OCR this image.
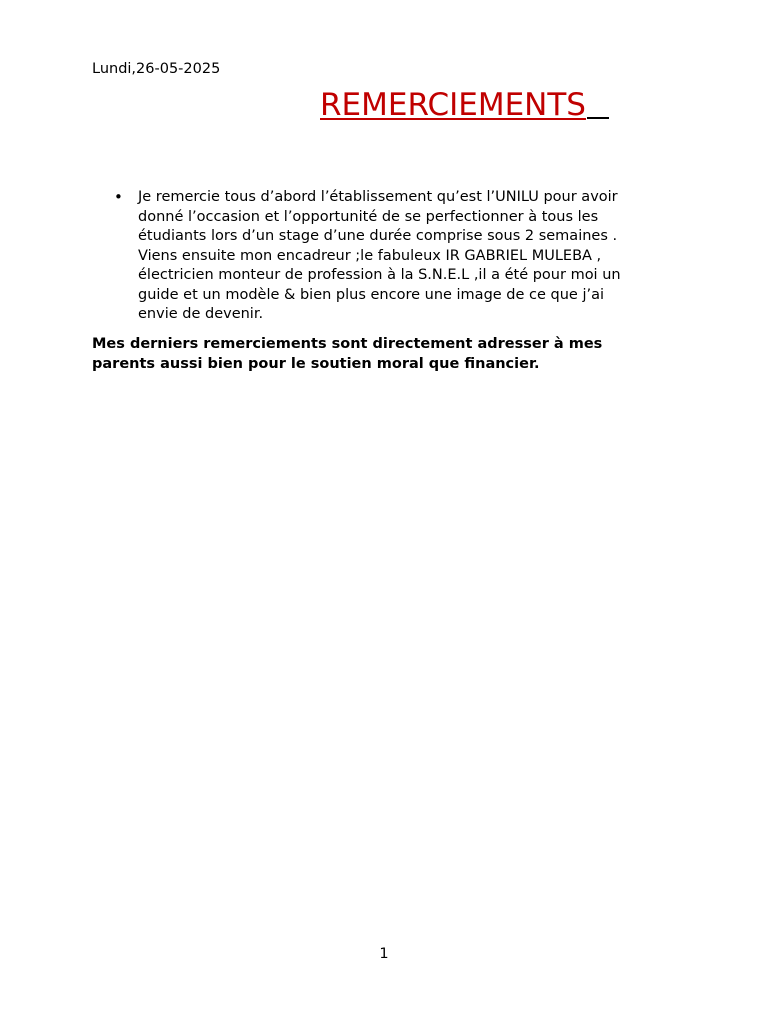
Lundi,26-05-2025
REMERCIEMENTS
• Je remercie tous d’abord l’établissement qu’est l’UNILU pour avoir

donné l’occasion et l’opportunité de se perfectionner à tous les

étudiants lors d’un stage d’une durée comprise sous 2 semaines .

Viens ensuite mon encadreur ;le fabuleux IR GABRIEL MULEBA ,

électricien monteur de profession à la S.N.E.L ,il a été pour moi un

guide et un modèle & bien plus encore une image de ce que j’ai

envie de devenir.

Mes derniers remerciements sont directement adresser à mes

parents aussi bien pour le soutien moral que financier.

1
